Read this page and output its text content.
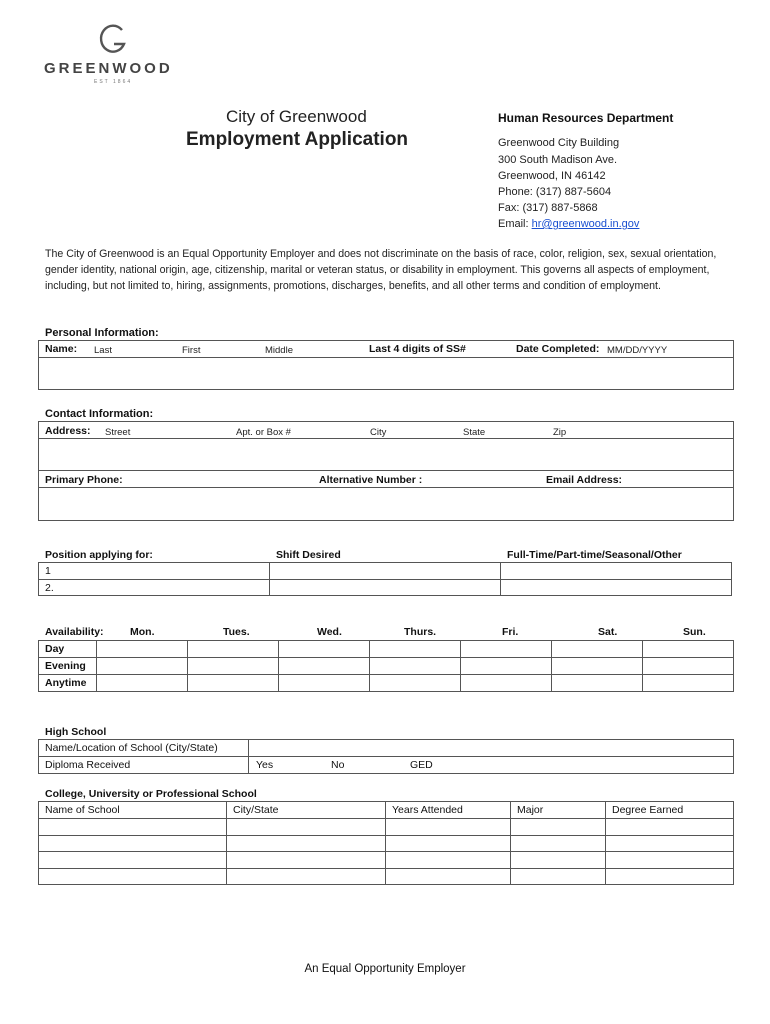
GREENWOOD
EST 1864
City of Greenwood
Employment Application
Human Resources Department
Greenwood City Building
300 South Madison Ave.
Greenwood, IN 46142
Phone: (317) 887-5604
Fax: (317) 887-5868
Email: hr@greenwood.in.gov
The City of Greenwood is an Equal Opportunity Employer and does not discriminate on the basis of race, color, religion, sex, sexual orientation, gender identity, national origin, age, citizenship, marital or veteran status, or disability in employment. This governs all aspects of employment, including, but not limited to, hiring, assignments, promotions, discharges, benefits, and all other terms and condition of employment.
Personal Information:
Name: Last	First	Middle	Last 4 digits of SS#	Date Completed: MM/DD/YYYY
Contact Information:
Address: Street	Apt. or Box #	City	State	Zip
Primary Phone:	Alternative Number :	Email Address:
Position applying for:	Shift Desired	Full-Time/Part-time/Seasonal/Other
1
2.
Availability:	Mon.	Tues.	Wed.	Thurs.	Fri.	Sat.	Sun.
Day
Evening
Anytime
High School
Name/Location of School (City/State)
Diploma Received	Yes	No	GED
College, University or Professional School
Name of School	City/State	Years Attended	Major	Degree Earned
An Equal Opportunity Employer
